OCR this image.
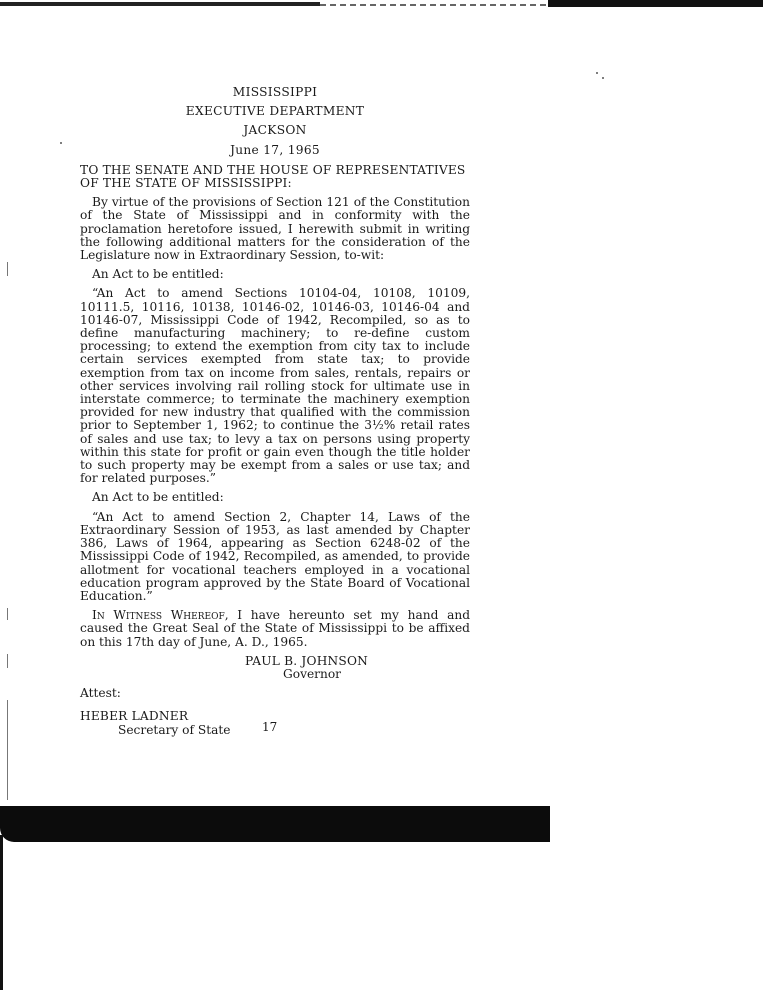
MISSISSIPPI
EXECUTIVE DEPARTMENT
JACKSON
June 17, 1965
TO THE SENATE AND THE HOUSE OF REPRESENTATIVES OF THE STATE OF MISSISSIPPI:

By virtue of the provisions of Section 121 of the Constitution of the State of Mississippi and in conformity with the proclamation heretofore issued, I herewith submit in writing the following additional matters for the consideration of the Legislature now in Extraordinary Session, to-wit:

An Act to be entitled:
“An Act to amend Sections 10104-04, 10108, 10109, 10111.5, 10116, 10138, 10146-02, 10146-03, 10146-04 and 10146-07, Mississippi Code of 1942, Recompiled, so as to define manufacturing machinery; to re-define custom processing; to extend the exemption from city tax to include certain services exempted from state tax; to provide exemption from tax on income from sales, rentals, repairs or other services involving rail rolling stock for ultimate use in interstate commerce; to terminate the machinery exemption provided for new industry that qualified with the commission prior to September 1, 1962; to continue the 3½% retail rates of sales and use tax; to levy a tax on persons using property within this state for profit or gain even though the title holder to such property may be exempt from a sales or use tax; and for related purposes.”
An Act to be entitled:
“An Act to amend Section 2, Chapter 14, Laws of the Extraordinary Session of 1953, as last amended by Chapter 386, Laws of 1964, appearing as Section 6248-02 of the Mississippi Code of 1942, Recompiled, as amended, to provide allotment for vocational teachers employed in a vocational education program approved by the State Board of Vocational Education.”

In Witness Whereof, I have hereunto set my hand and caused the Great Seal of the State of Mississippi to be affixed on this 17th day of June, A. D., 1965.

PAUL B. JOHNSON
Governor
Attest:
HEBER LADNER
Secretary of State	17
